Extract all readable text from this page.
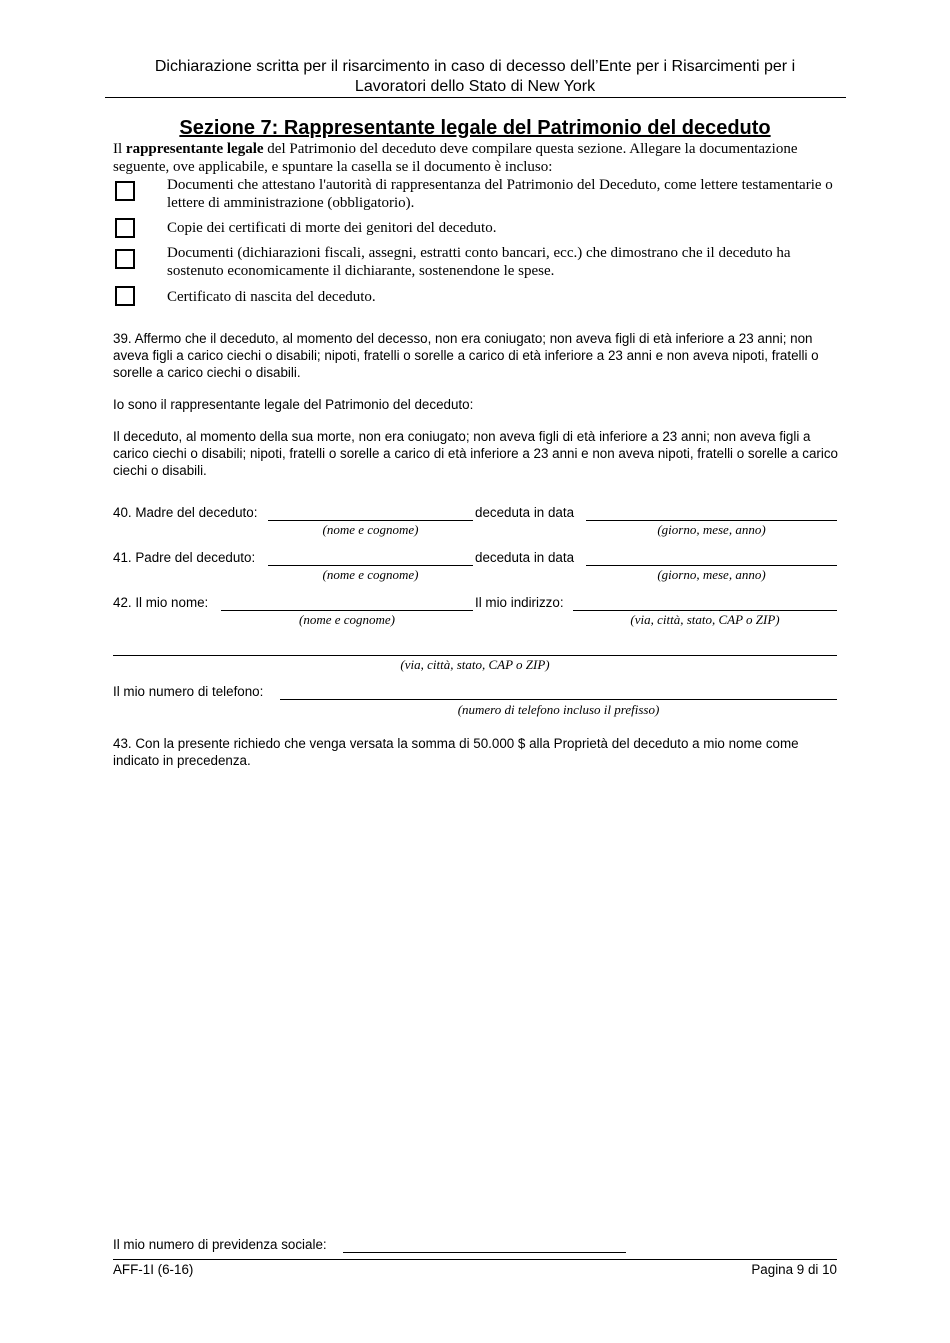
Dichiarazione scritta per il risarcimento in caso di decesso dell’Ente per i Risarcimenti per i
Lavoratori dello Stato di New York
Sezione 7: Rappresentante legale del Patrimonio del deceduto
Il rappresentante legale del Patrimonio del deceduto deve compilare questa sezione. Allegare la documentazione seguente, ove applicabile, e spuntare la casella se il documento è incluso:
Documenti che attestano l'autorità di rappresentanza del Patrimonio del Deceduto, come lettere testamentarie o lettere di amministrazione (obbligatorio).
Copie dei certificati di morte dei genitori del deceduto.
Documenti (dichiarazioni fiscali, assegni, estratti conto bancari, ecc.) che dimostrano che il deceduto ha sostenuto economicamente il dichiarante, sostenendone le spese.
Certificato di nascita del deceduto.
39. Affermo che il deceduto, al momento del decesso, non era coniugato; non aveva figli di età inferiore a 23 anni; non aveva figli a carico ciechi o disabili; nipoti, fratelli o sorelle a carico di età inferiore a 23 anni e non aveva nipoti, fratelli o sorelle a carico ciechi o disabili.
Io sono il rappresentante legale del Patrimonio del deceduto:
Il deceduto, al momento della sua morte, non era coniugato; non aveva figli di età inferiore a 23 anni; non aveva figli a carico ciechi o disabili; nipoti, fratelli o sorelle a carico di età inferiore a 23 anni e non aveva nipoti, fratelli o sorelle a carico ciechi o disabili.
40. Madre del deceduto:
(nome e cognome)
deceduta in data
(giorno, mese, anno)
41. Padre del deceduto:
(nome e cognome)
deceduta in data
(giorno, mese, anno)
42. Il mio nome:
(nome e cognome)
Il mio indirizzo:
(via, città, stato, CAP o ZIP)
(via, città, stato, CAP o ZIP)
Il mio numero di telefono:
(numero di telefono incluso il prefisso)
43. Con la presente richiedo che venga versata la somma di 50.000 $ alla Proprietà del deceduto a mio nome come indicato in precedenza.
Il mio numero di previdenza sociale:
AFF-1I (6-16)	Pagina 9 di 10
